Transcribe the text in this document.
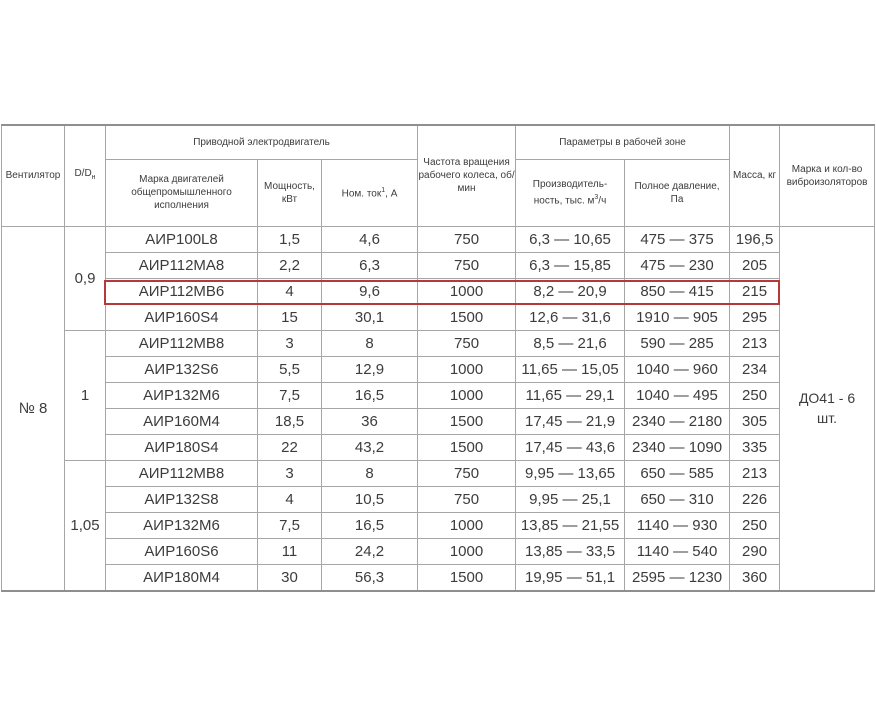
Вентилятор	$D/D_н$	Приводной электродвигатель			Частота вращения рабочего колеса, об/мин	Параметры в рабочей зоне		Масса, кг	Марка и кол-во виброизоляторов
		Марка двигателей общепромышленного исполнения	Мощность, кВт	Ном. ток$^1$, А		Производитель-ность, тыс. $м^3/ч$	Полное давление, Па		
№ 8	0,9	АИР100L8	1,5	4,6	750	6,3 — 10,65	475 — 375	196,5	ДО41 - 6 шт.
		АИР112МА8	2,2	6,3	750	6,3 — 15,85	475 — 230	205	
		АИР112МВ6	4	9,6	1000	8,2 — 20,9	850 — 415	215	
		АИР160S4	15	30,1	1500	12,6 — 31,6	1910 — 905	295	
	1	АИР112МВ8	3	8	750	8,5 — 21,6	590 — 285	213	
		АИР132S6	5,5	12,9	1000	11,65 — 15,05	1040 — 960	234	
		АИР132М6	7,5	16,5	1000	11,65 — 29,1	1040 — 495	250	
		АИР160М4	18,5	36	1500	17,45 — 21,9	2340 — 2180	305	
		АИР180S4	22	43,2	1500	17,45 — 43,6	2340 — 1090	335	
	1,05	АИР112МВ8	3	8	750	9,95 — 13,65	650 — 585	213	
		АИР132S8	4	10,5	750	9,95 — 25,1	650 — 310	226	
		АИР132М6	7,5	16,5	1000	13,85 — 21,55	1140 — 930	250	
		АИР160S6	11	24,2	1000	13,85 — 33,5	1140 — 540	290	
		АИР180М4	30	56,3	1500	19,95 — 51,1	2595 — 1230	360	
